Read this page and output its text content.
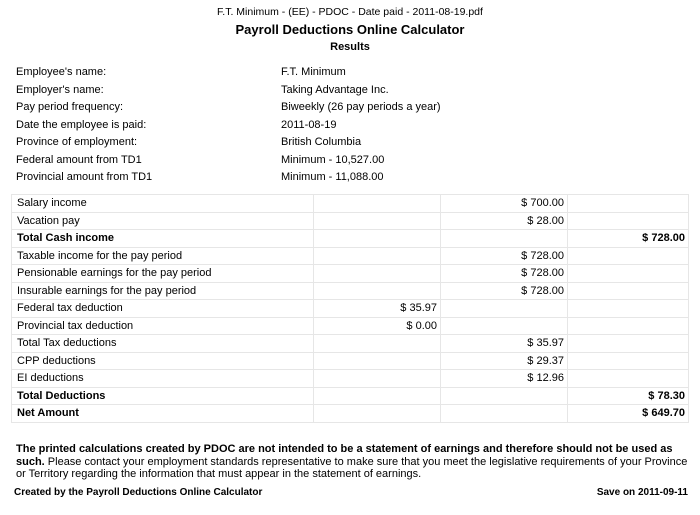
F.T. Minimum - (EE) - PDOC - Date paid - 2011-08-19.pdf
Payroll Deductions Online Calculator
Results
Employee's name:	F.T. Minimum
Employer's name:	Taking Advantage Inc.
Pay period frequency:	Biweekly (26 pay periods a year)
Date the employee is paid:	2011-08-19
Province of employment:	British Columbia
Federal amount from TD1	Minimum - 10,527.00
Provincial amount from TD1	Minimum - 11,088.00
Salary income		$ 700.00	
Vacation pay		$ 28.00	
Total Cash income			$ 728.00
Taxable income for the pay period		$ 728.00	
Pensionable earnings for the pay period		$ 728.00	
Insurable earnings for the pay period		$ 728.00	
Federal tax deduction	$ 35.97		
Provincial tax deduction	$ 0.00		
Total Tax deductions		$ 35.97	
CPP deductions		$ 29.37	
EI deductions		$ 12.96	
Total Deductions			$ 78.30
Net Amount			$ 649.70
The printed calculations created by PDOC are not intended to be a statement of earnings and therefore should not be used as such. Please contact your employment standards representative to make sure that you meet the legislative requirements of your Province or Territory regarding the information that must appear in the statement of earnings.
Created by the Payroll Deductions Online Calculator	Save on 2011-09-11
